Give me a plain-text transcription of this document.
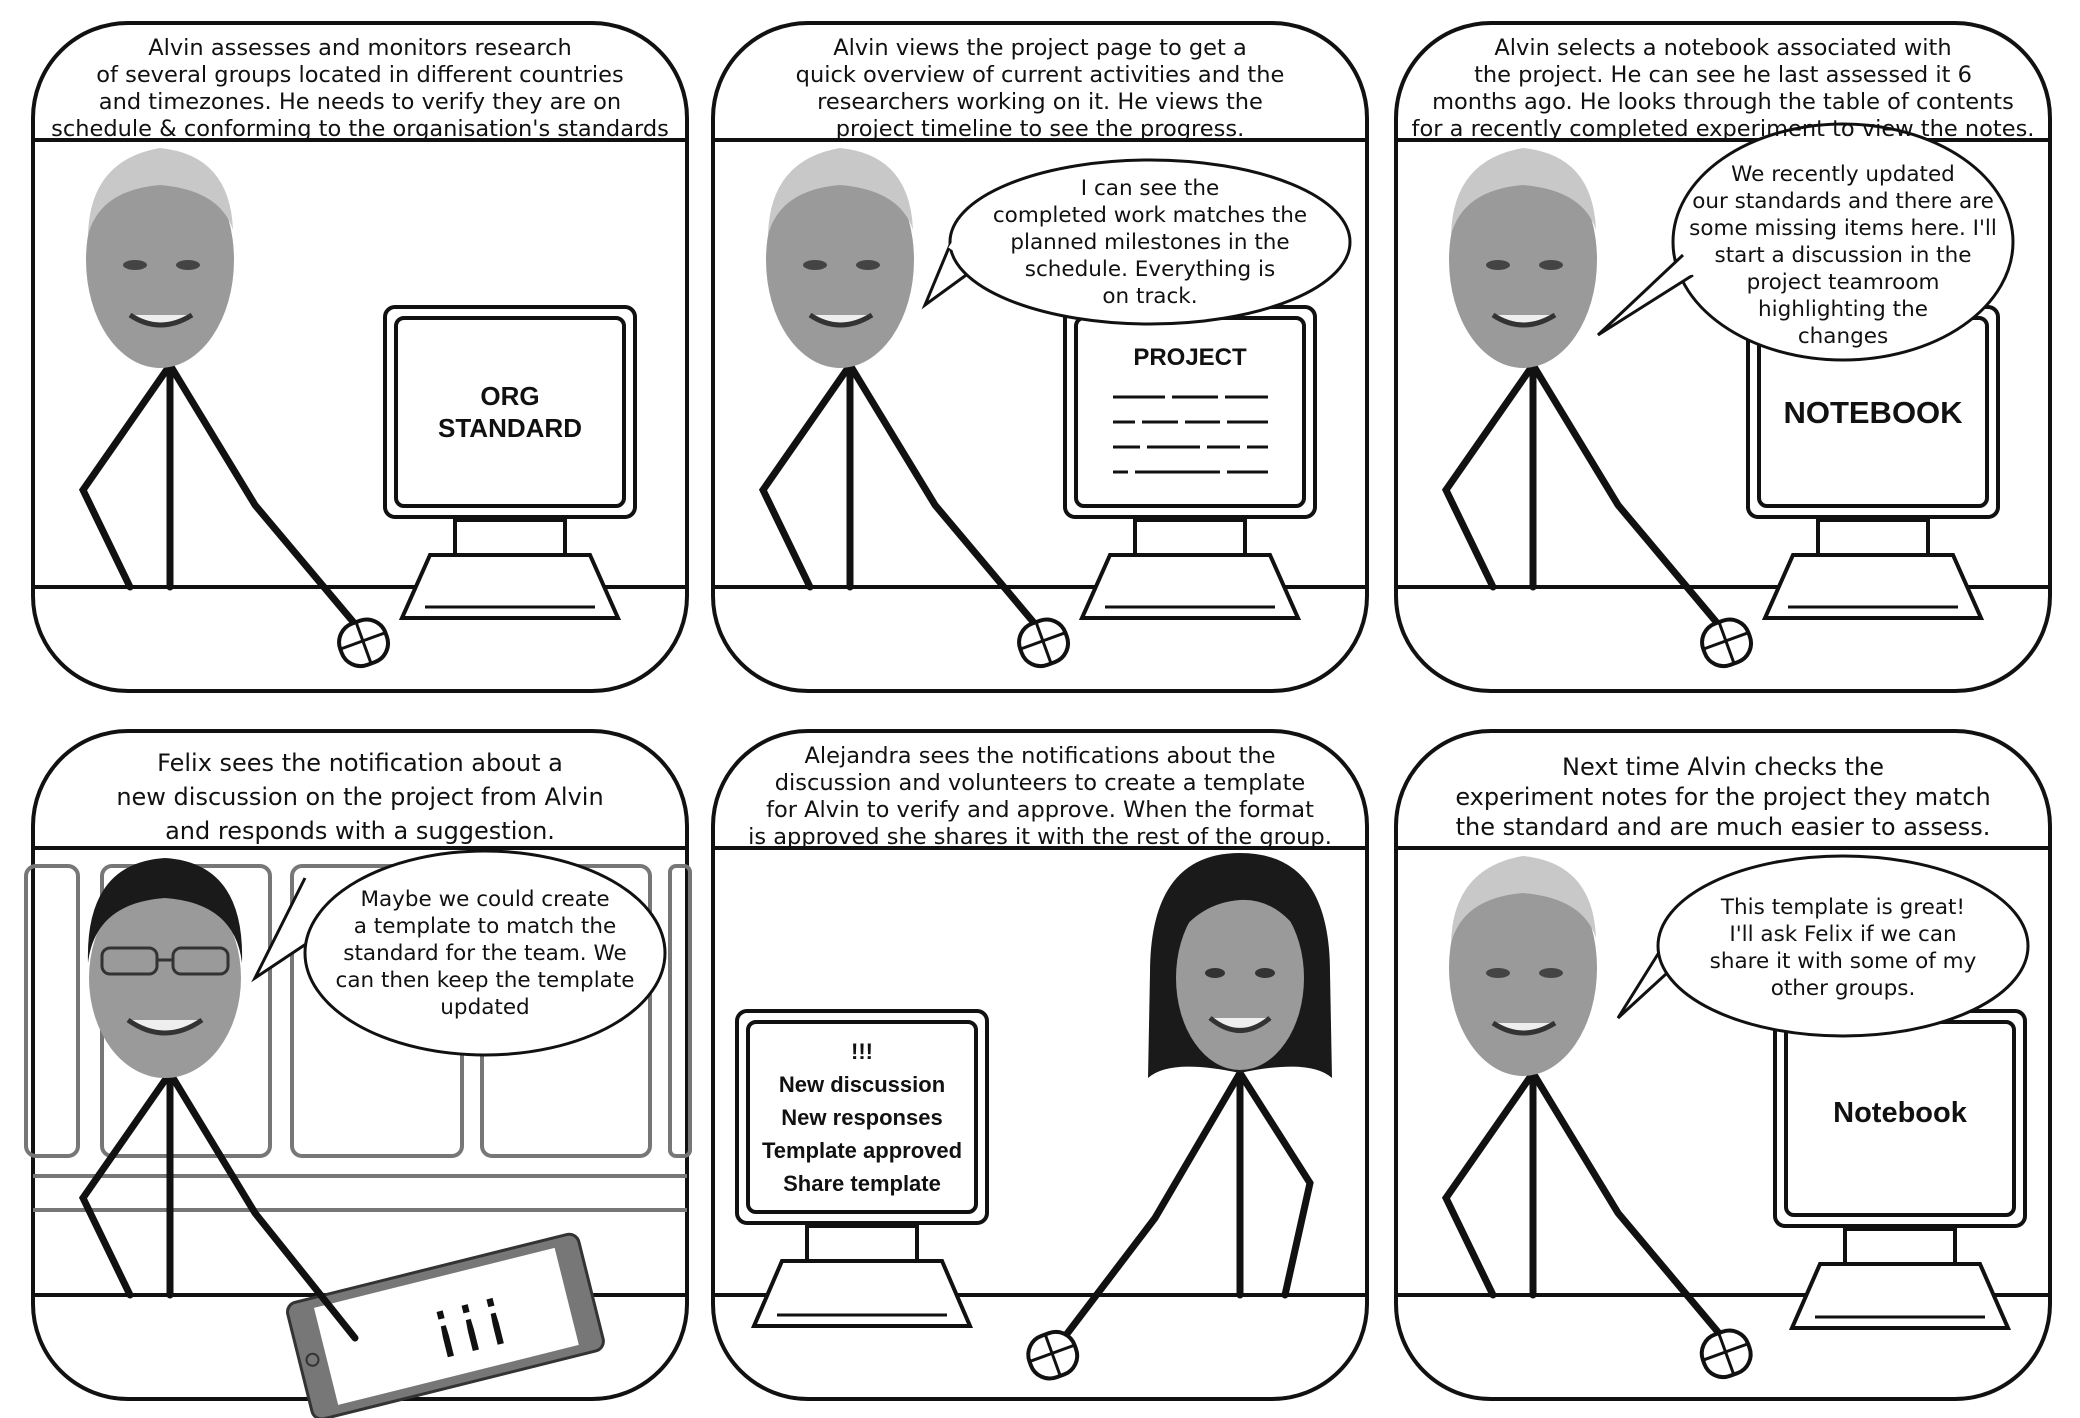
Alvin assesses and monitors research
of several groups located in different countries
and timezones. He needs to verify they are on
schedule & conforming to the organisation's standards
ORG
STANDARD
Alvin views the project page to get a
quick overview of current activities and the
researchers working on it. He views the
project timeline to see the progress.
I can see the
completed work matches the
planned milestones in the
schedule. Everything is
on track.
PROJECT
Alvin selects a notebook associated with
the project. He can see he last assessed it 6
months ago. He looks through the table of contents
for a recently completed experiment to view the notes.
We recently updated
our standards and there are
some missing items here. I'll
start a discussion in the
project teamroom
highlighting the
changes
NOTEBOOK
¡¡¡
Felix sees the notification about a
new discussion on the project from Alvin
and responds with a suggestion.
Maybe we could create
a template to match the
standard for the team. We
can then keep the template
updated
Alejandra sees the notifications about the
discussion and volunteers to create a template
for Alvin to verify and approve. When the format
is approved she shares it with the rest of the group.
!!!
New discussion
New responses
Template approved
Share template
Next time Alvin checks the
experiment notes for the project they match
the standard and are much easier to assess.
This template is great!
I'll ask Felix if we can
share it with some of my
other groups.
Notebook
